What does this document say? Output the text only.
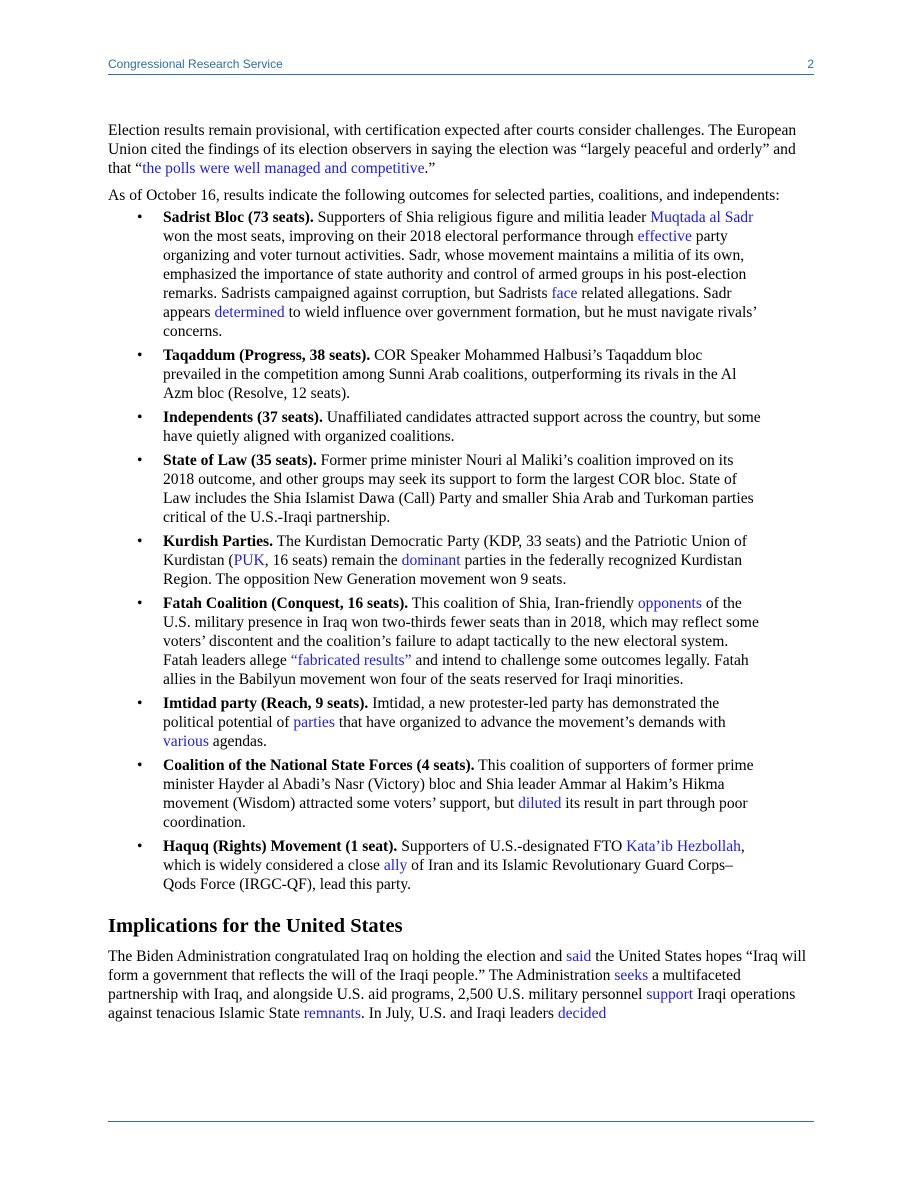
Congressional Research Service	2

Election results remain provisional, with certification expected after courts consider challenges. The European Union cited the findings of its election observers in saying the election was “largely peaceful and orderly” and that “the polls were well managed and competitive.”

As of October 16, results indicate the following outcomes for selected parties, coalitions, and independents:

• Sadrist Bloc (73 seats). Supporters of Shia religious figure and militia leader Muqtada al Sadr won the most seats, improving on their 2018 electoral performance through effective party organizing and voter turnout activities. Sadr, whose movement maintains a militia of its own, emphasized the importance of state authority and control of armed groups in his post-election remarks. Sadrists campaigned against corruption, but Sadrists face related allegations. Sadr appears determined to wield influence over government formation, but he must navigate rivals’ concerns.
• Taqaddum (Progress, 38 seats). COR Speaker Mohammed Halbusi’s Taqaddum bloc prevailed in the competition among Sunni Arab coalitions, outperforming its rivals in the Al Azm bloc (Resolve, 12 seats).
• Independents (37 seats). Unaffiliated candidates attracted support across the country, but some have quietly aligned with organized coalitions.
• State of Law (35 seats). Former prime minister Nouri al Maliki’s coalition improved on its 2018 outcome, and other groups may seek its support to form the largest COR bloc. State of Law includes the Shia Islamist Dawa (Call) Party and smaller Shia Arab and Turkoman parties critical of the U.S.-Iraqi partnership.
• Kurdish Parties. The Kurdistan Democratic Party (KDP, 33 seats) and the Patriotic Union of Kurdistan (PUK, 16 seats) remain the dominant parties in the federally recognized Kurdistan Region. The opposition New Generation movement won 9 seats.
• Fatah Coalition (Conquest, 16 seats). This coalition of Shia, Iran-friendly opponents of the U.S. military presence in Iraq won two-thirds fewer seats than in 2018, which may reflect some voters’ discontent and the coalition’s failure to adapt tactically to the new electoral system. Fatah leaders allege “fabricated results” and intend to challenge some outcomes legally. Fatah allies in the Babilyun movement won four of the seats reserved for Iraqi minorities.
• Imtidad party (Reach, 9 seats). Imtidad, a new protester-led party has demonstrated the political potential of parties that have organized to advance the movement’s demands with various agendas.
• Coalition of the National State Forces (4 seats). This coalition of supporters of former prime minister Hayder al Abadi’s Nasr (Victory) bloc and Shia leader Ammar al Hakim’s Hikma movement (Wisdom) attracted some voters’ support, but diluted its result in part through poor coordination.
• Haquq (Rights) Movement (1 seat). Supporters of U.S.-designated FTO Kata’ib Hezbollah, which is widely considered a close ally of Iran and its Islamic Revolutionary Guard Corps–Qods Force (IRGC-QF), lead this party.
Implications for the United States

The Biden Administration congratulated Iraq on holding the election and said the United States hopes “Iraq will form a government that reflects the will of the Iraqi people.” The Administration seeks a multifaceted partnership with Iraq, and alongside U.S. aid programs, 2,500 U.S. military personnel support Iraqi operations against tenacious Islamic State remnants. In July, U.S. and Iraqi leaders decided
